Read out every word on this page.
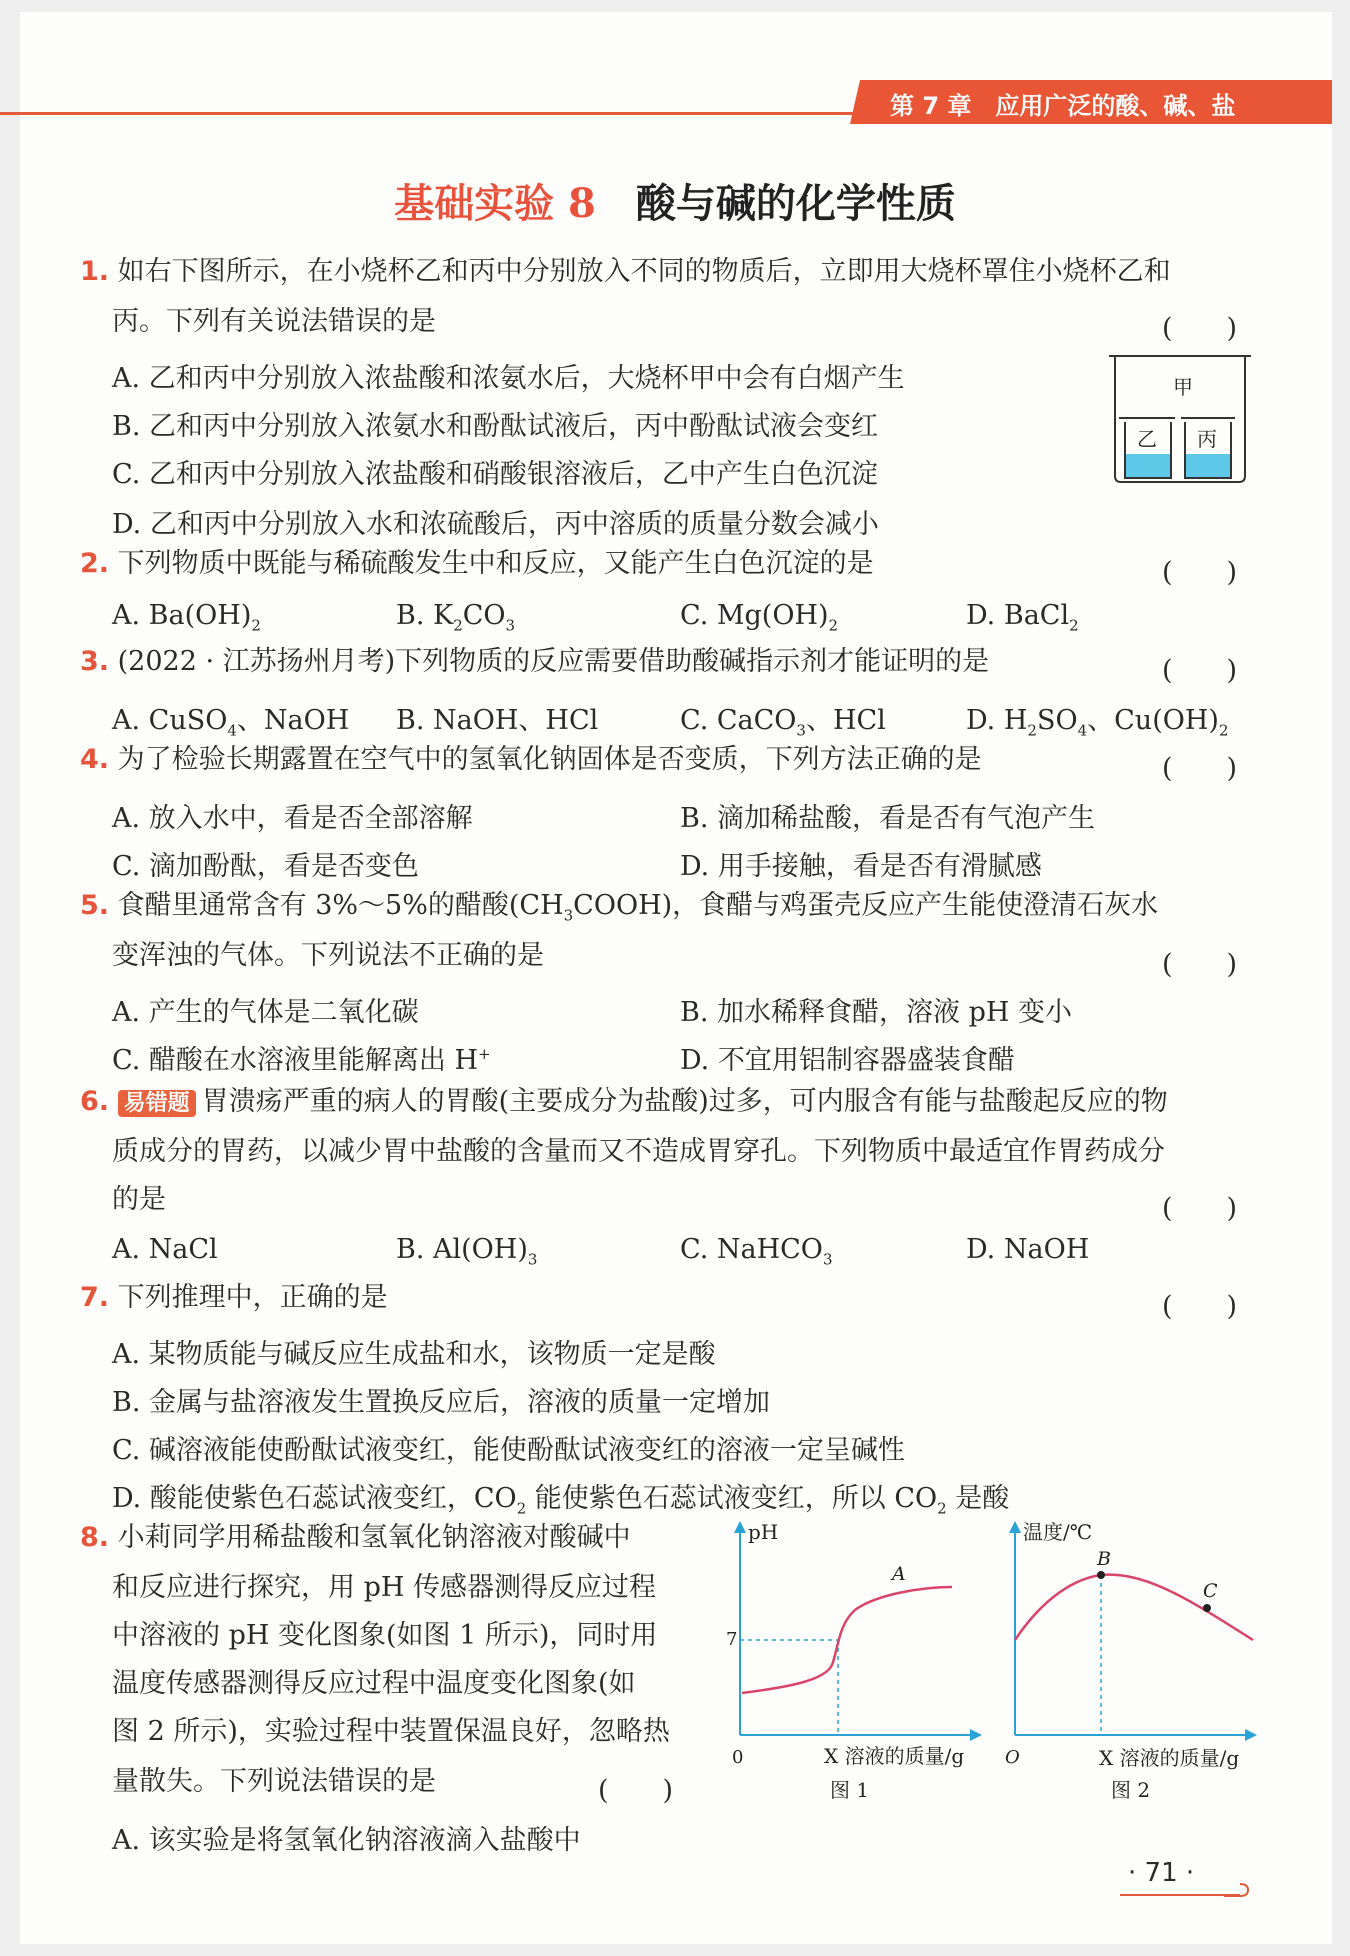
第 7 章　应用广泛的酸、碱、盐
基础实验 8 酸与碱的化学性质
1. 如右下图所示，在小烧杯乙和丙中分别放入不同的物质后，立即用大烧杯罩住小烧杯乙和
丙。下列有关说法错误的是	(　　)
A. 乙和丙中分别放入浓盐酸和浓氨水后，大烧杯甲中会有白烟产生
B. 乙和丙中分别放入浓氨水和酚酞试液后，丙中酚酞试液会变红
C. 乙和丙中分别放入浓盐酸和硝酸银溶液后，乙中产生白色沉淀
D. 乙和丙中分别放入水和浓硫酸后，丙中溶质的质量分数会减小
甲
乙 丙
2. 下列物质中既能与稀硫酸发生中和反应，又能产生白色沉淀的是	(　　)
A. $Ba(OH)_2$	B. $K_2CO_3$	C. $Mg(OH)_2$	D. BaCl$_2$
3. (2022 · 江苏扬州月考)下列物质的反应需要借助酸碱指示剂才能证明的是	(　　)
A. CuSO$_4$、NaOH B. NaOH、HCl	C. CaCO$_3$、HCl	D. $H_2SO_4$、$Cu(OH)_2$
4. 为了检验长期露置在空气中的氢氧化钠固体是否变质，下列方法正确的是	(　　)
A. 放入水中，看是否全部溶解	B. 滴加稀盐酸，看是否有气泡产生
C. 滴加酚酞，看是否变色	D. 用手接触，看是否有滑腻感
5. 食醋里通常含有 3%～5%的醋酸$(CH_3COOH)$，食醋与鸡蛋壳反应产生能使澄清石灰水
变浑浊的气体。下列说法不正确的是	(　　)
A. 产生的气体是二氧化碳	B. 加水稀释食醋，溶液 pH 变小
C. 醋酸在水溶液里能解离出 H+	D. 不宜用铝制容器盛装食醋
6. 易错题 胃溃疡严重的病人的胃酸(主要成分为盐酸)过多，可内服含有能与盐酸起反应的物
质成分的胃药，以减少胃中盐酸的含量而又不造成胃穿孔。下列物质中最适宜作胃药成分
的是	(　　)
A. NaCl	B. $Al(OH)_3$	C. NaHCO$_3$	D. NaOH
7. 下列推理中，正确的是	(　　)
A. 某物质能与碱反应生成盐和水，该物质一定是酸
B. 金属与盐溶液发生置换反应后，溶液的质量一定增加
C. 碱溶液能使酚酞试液变红，能使酚酞试液变红的溶液一定呈碱性
D. 酸能使紫色石蕊试液变红，$CO_2$ 能使紫色石蕊试液变红，所以 $CO_2$ 是酸
8. 小莉同学用稀盐酸和氢氧化钠溶液对酸碱中
和反应进行探究，用 pH 传感器测得反应过程
中溶液的 pH 变化图象(如图 1 所示)，同时用
温度传感器测得反应过程中温度变化图象(如
图 2 所示)，实验过程中装置保温良好，忽略热
量散失。下列说法错误的是	(　　)
A. 该实验是将氢氧化钠溶液滴入盐酸中
pH
7
A
0	X 溶液的质量/g
图 1
温度/℃
B
C
O	X 溶液的质量/g
图 2
· 71 ·
